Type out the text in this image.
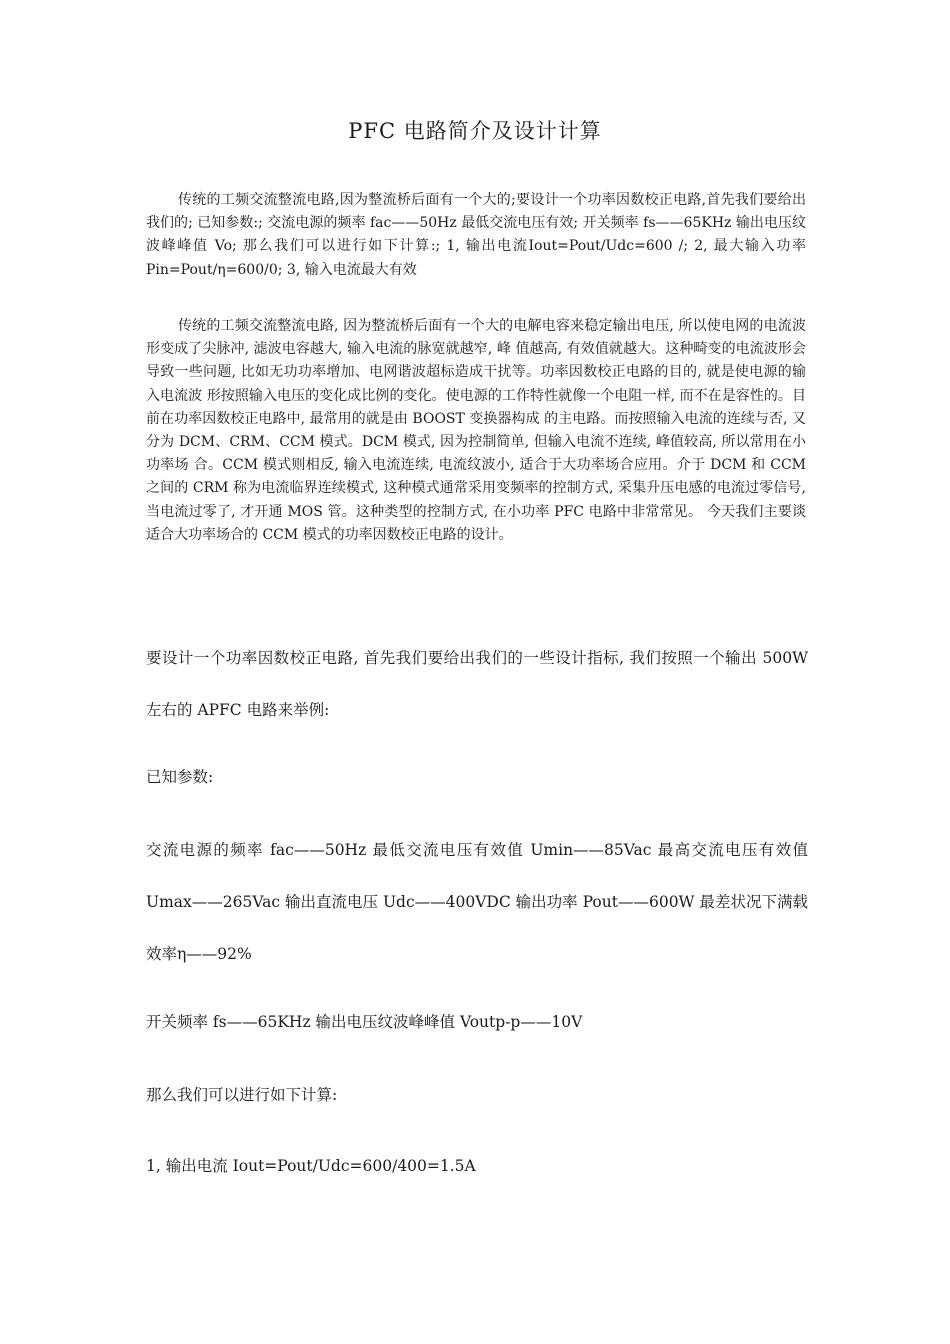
PFC 电路简介及设计计算

传统的工频交流整流电路,因为整流桥后面有一个大的;要设计一个功率因数校正电路,首先我们要给出我们的; 已知参数:; 交流电源的频率 fac——50Hz 最低交流电压有效; 开关频率 fs——65KHz 输出电压纹波峰峰值 Vo; 那么我们可以进行如下计算:; 1, 输出电流Iout=Pout/Udc=600 /; 2, 最大输入功率 Pin=Pout/η=600/0; 3, 输入电流最大有效

传统的工频交流整流电路, 因为整流桥后面有一个大的电解电容来稳定输出电压, 所以使电网的电流波形变成了尖脉冲, 滤波电容越大, 输入电流的脉宽就越窄, 峰 值越高, 有效值就越大。这种畸变的电流波形会导致一些问题, 比如无功功率增加、电网谐波超标造成干扰等。功率因数校正电路的目的, 就是使电源的输入电流波 形按照输入电压的变化成比例的变化。使电源的工作特性就像一个电阻一样, 而不在是容性的。目前在功率因数校正电路中, 最常用的就是由 BOOST 变换器构成 的主电路。而按照输入电流的连续与否, 又分为 DCM、CRM、CCM 模式。DCM 模式, 因为控制简单, 但输入电流不连续, 峰值较高, 所以常用在小功率场 合。CCM 模式则相反, 输入电流连续, 电流纹波小, 适合于大功率场合应用。介于 DCM 和 CCM 之间的 CRM 称为电流临界连续模式, 这种模式通常采用变频率的控制方式, 采集升压电感的电流过零信号, 当电流过零了, 才开通 MOS 管。这种类型的控制方式, 在小功率 PFC 电路中非常常见。 今天我们主要谈适合大功率场合的 CCM 模式的功率因数校正电路的设计。

要设计一个功率因数校正电路, 首先我们要给出我们的一些设计指标, 我们按照一个输出 500W 左右的 APFC 电路来举例:

已知参数:

交流电源的频率 fac——50Hz 最低交流电压有效值 Umin——85Vac 最高交流电压有效值 Umax——265Vac 输出直流电压 Udc——400VDC 输出功率 Pout——600W 最差状况下满载效率η——92%

开关频率 fs——65KHz 输出电压纹波峰峰值 Voutp-p——10V

那么我们可以进行如下计算:

1, 输出电流 Iout=Pout/Udc=600/400=1.5A
